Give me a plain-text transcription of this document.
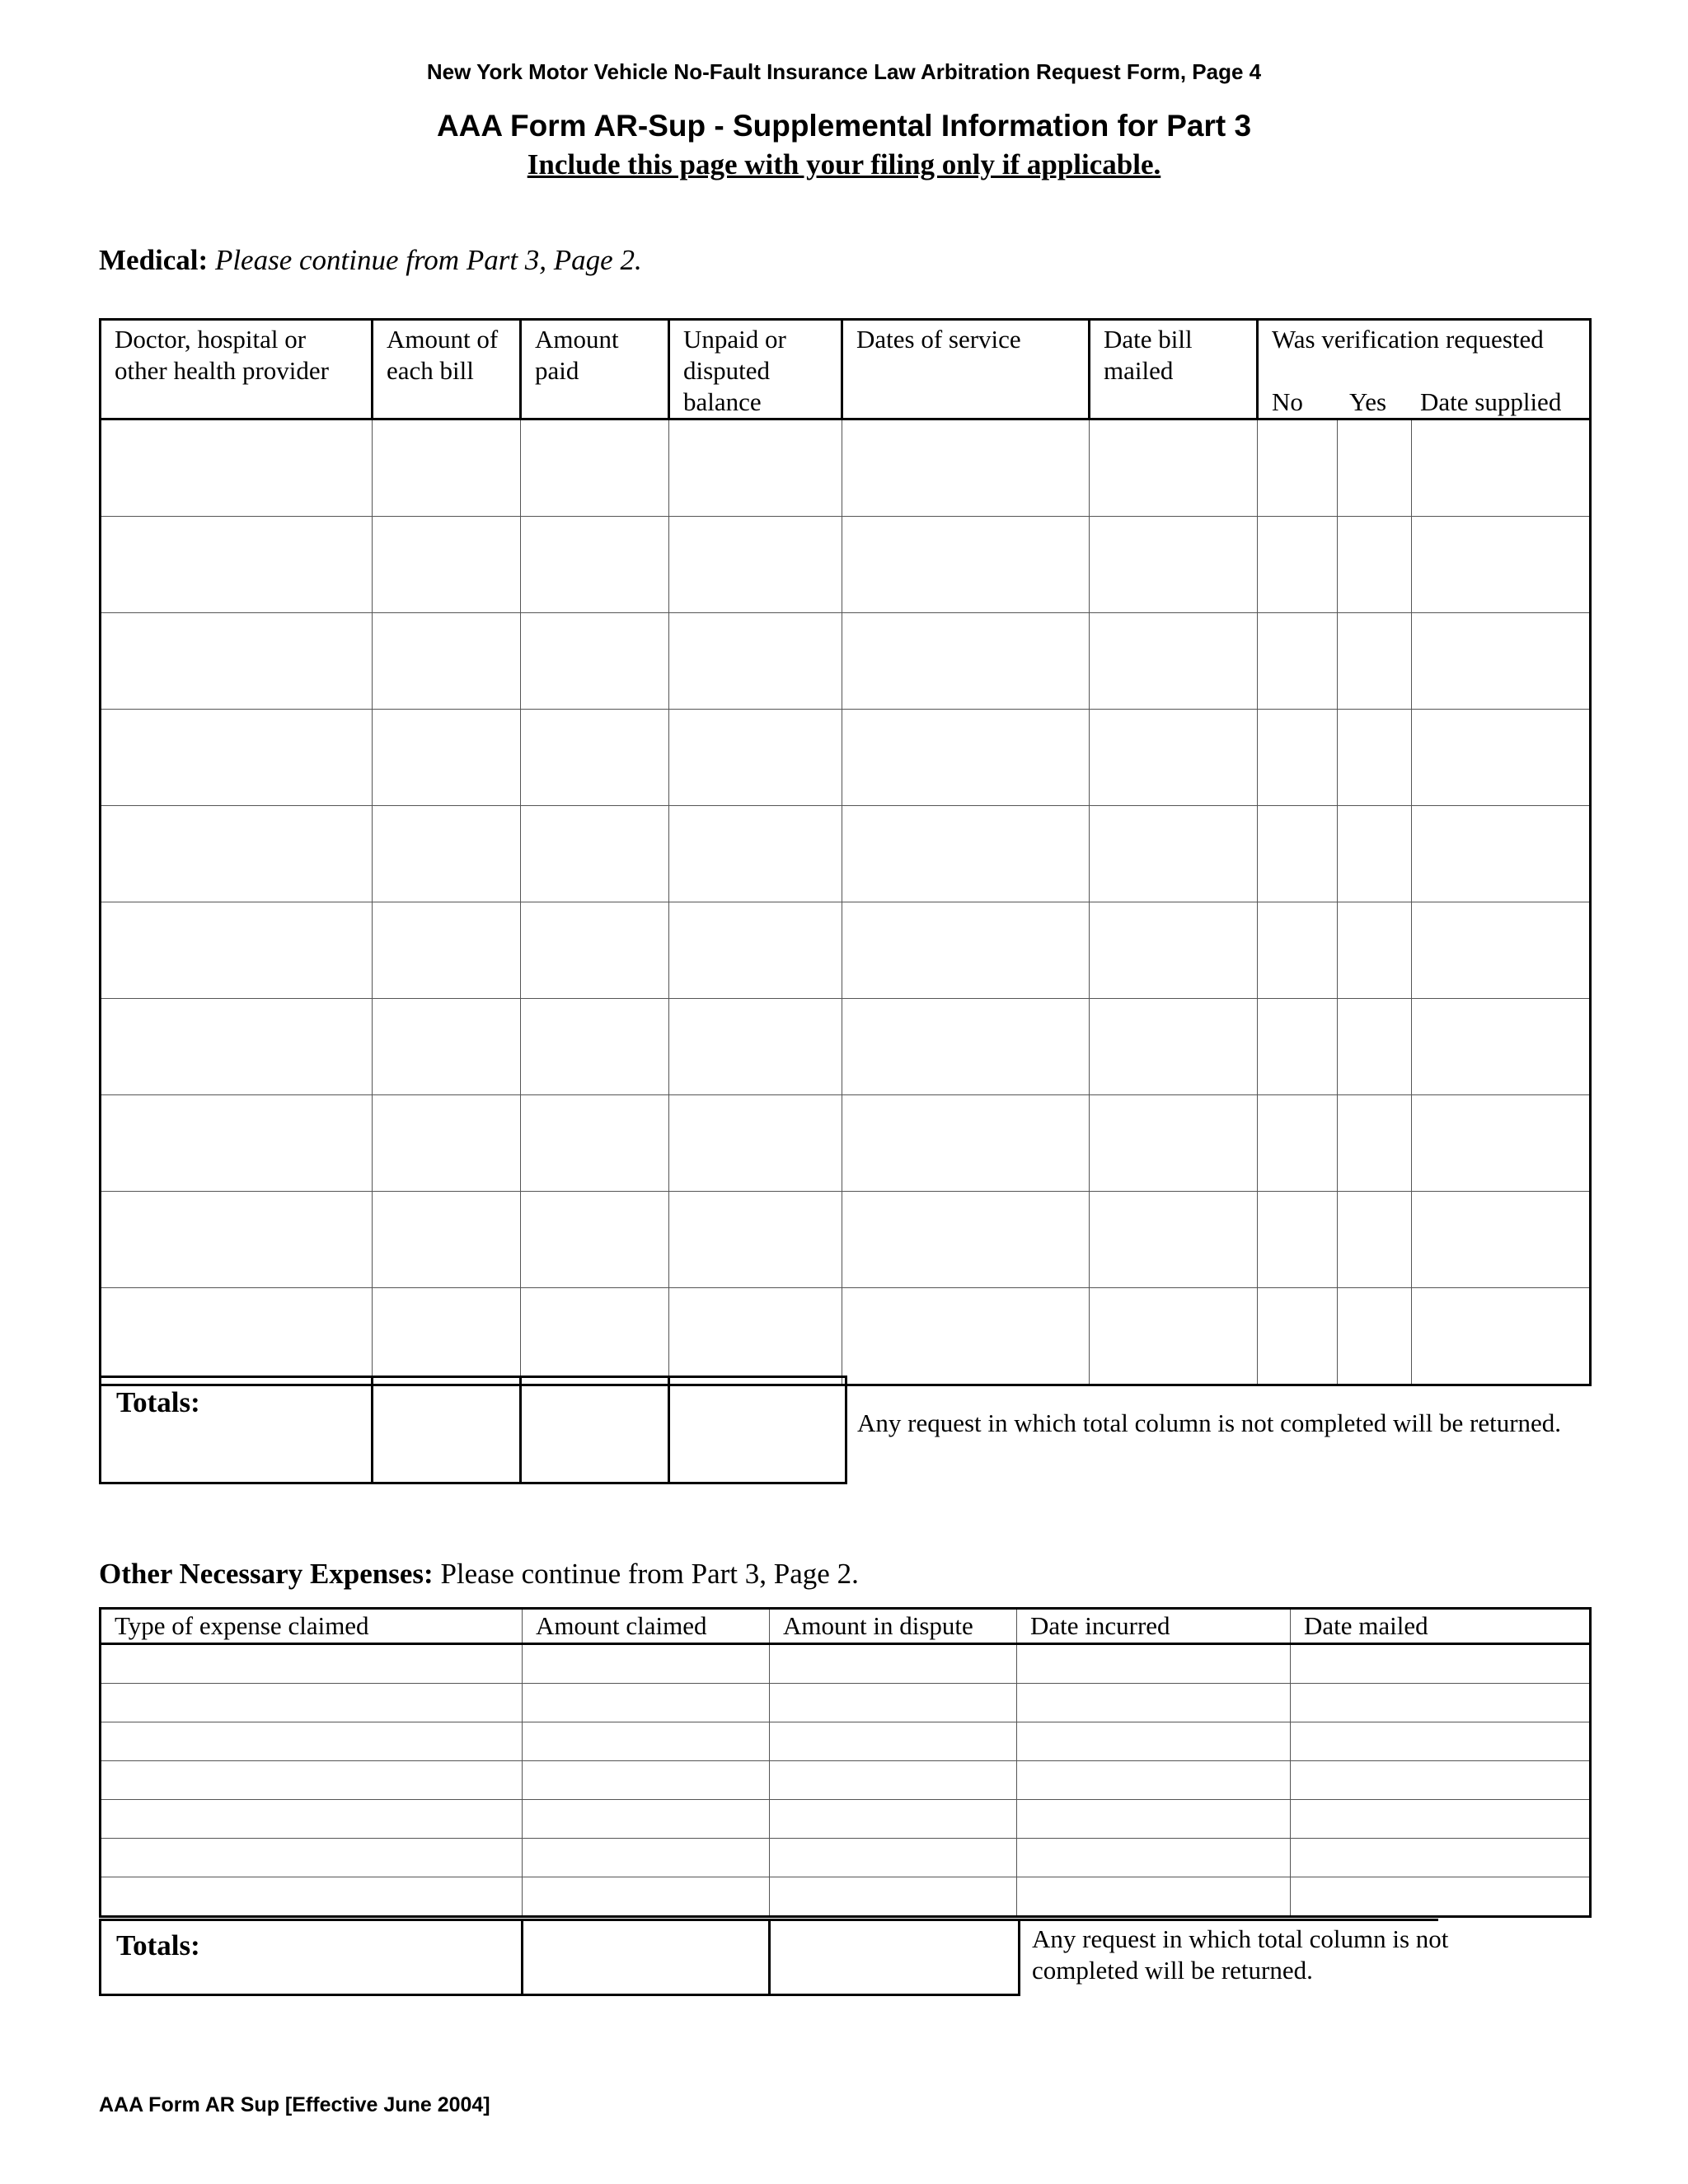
New York Motor Vehicle No-Fault Insurance Law Arbitration Request Form, Page 4
AAA Form AR-Sup - Supplemental Information for Part 3
Include this page with your filing only if applicable.
Medical: Please continue from Part 3, Page 2.
Doctor, hospital or other health provider	Amount of each bill	Amount paid	Unpaid or disputed balance	Dates of service	Date bill mailed	Was verification requested
No Yes Date supplied		

Totals:			
Any request in which total column is not completed will be returned.
Other Necessary Expenses: Please continue from Part 3, Page 2.
Type of expense claimed	Amount claimed	Amount in dispute	Date incurred	Date mailed

Totals:			Any request in which total column is not completed will be returned.
AAA Form AR Sup [Effective June 2004]
